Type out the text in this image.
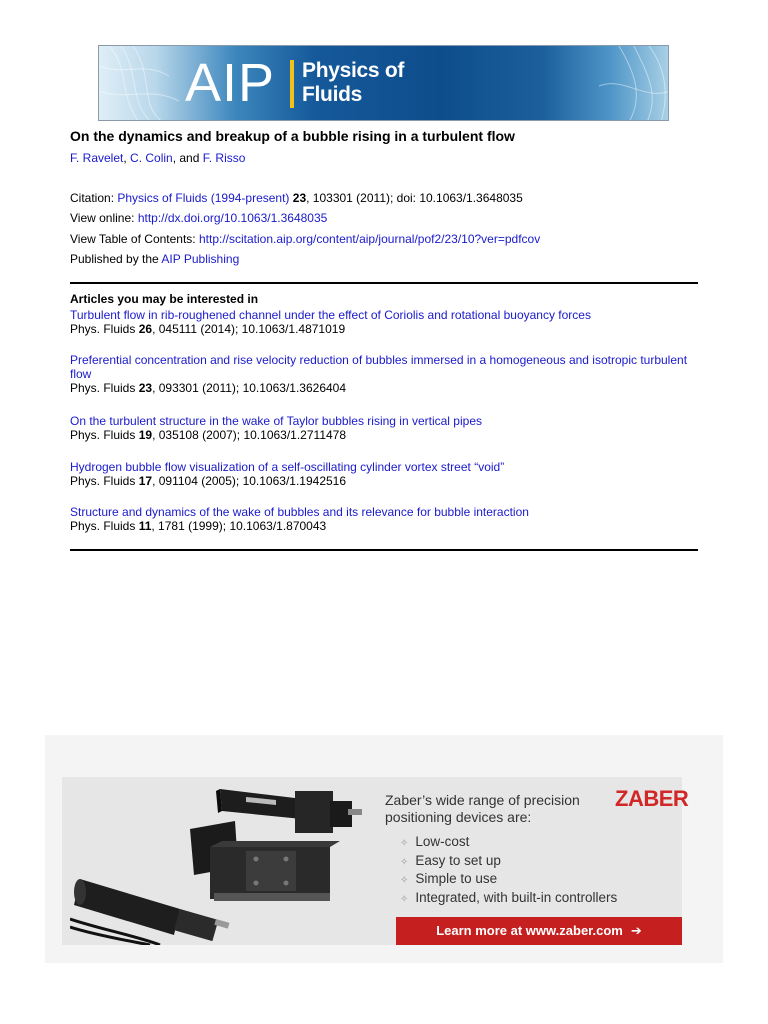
AIP Physics of
Fluids
On the dynamics and breakup of a bubble rising in a turbulent flow
F. Ravelet, C. Colin, and F. Risso
Citation: Physics of Fluids (1994-present) 23, 103301 (2011); doi: 10.1063/1.3648035
View online: http://dx.doi.org/10.1063/1.3648035
View Table of Contents: http://scitation.aip.org/content/aip/journal/pof2/23/10?ver=pdfcov
Published by the AIP Publishing
Articles you may be interested in
Turbulent flow in rib-roughened channel under the effect of Coriolis and rotational buoyancy forces
Phys. Fluids 26, 045111 (2014); 10.1063/1.4871019
Preferential concentration and rise velocity reduction of bubbles immersed in a homogeneous and isotropic turbulent flow
Phys. Fluids 23, 093301 (2011); 10.1063/1.3626404
On the turbulent structure in the wake of Taylor bubbles rising in vertical pipes
Phys. Fluids 19, 035108 (2007); 10.1063/1.2711478
Hydrogen bubble flow visualization of a self-oscillating cylinder vortex street “void”
Phys. Fluids 17, 091104 (2005); 10.1063/1.1942516
Structure and dynamics of the wake of bubbles and its relevance for bubble interaction
Phys. Fluids 11, 1781 (1999); 10.1063/1.870043
Zaber’s wide range of precision
positioning devices are:
ZABER
✧ Low-cost
✧ Easy to set up
✧ Simple to use
✧ Integrated, with built-in controllers
Learn more at www.zaber.com ➔
